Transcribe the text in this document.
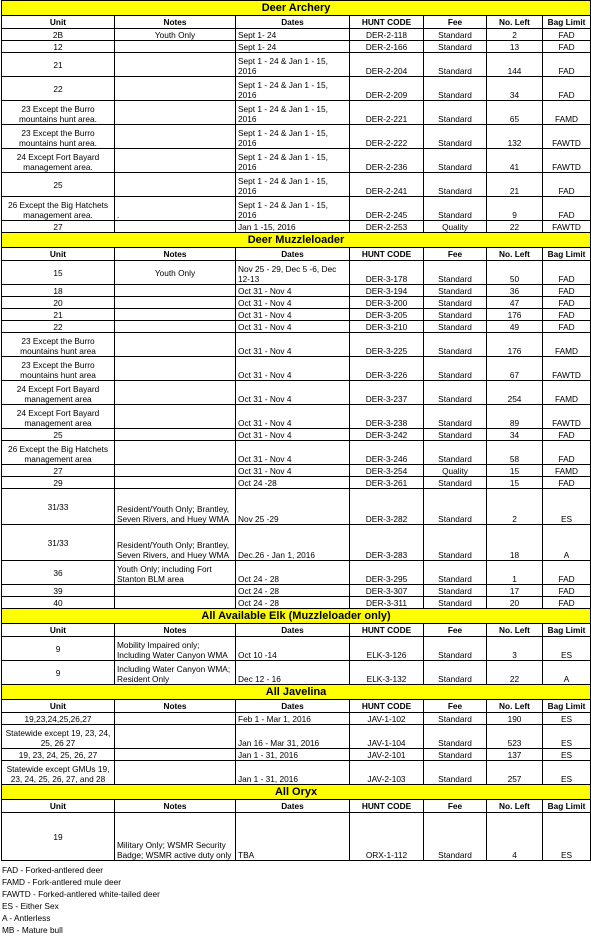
Deer Archery						
Unit	Notes	Dates	HUNT CODE	Fee	No. Left	Bag Limit
2B	Youth Only	Sept 1- 24	DER-2-118	Standard	2	FAD
12		Sept 1- 24	DER-2-166	Standard	13	FAD
21		Sept 1 - 24 & Jan 1 - 15, 2016	DER-2-204	Standard	144	FAD
22		Sept 1 - 24 & Jan 1 - 15, 2016	DER-2-209	Standard	34	FAD
23 Except the Burro mountains hunt area.		Sept 1 - 24 & Jan 1 - 15, 2016	DER-2-221	Standard	65	FAMD
23 Except the Burro mountains hunt area.		Sept 1 - 24 & Jan 1 - 15, 2016	DER-2-222	Standard	132	FAWTD
24 Except Fort Bayard management area.		Sept 1 - 24 & Jan 1 - 15, 2016	DER-2-236	Standard	41	FAWTD
25		Sept 1 - 24 & Jan 1 - 15, 2016	DER-2-241	Standard	21	FAD
26 Except the Big Hatchets management area.	.	Sept 1 - 24 & Jan 1 - 15, 2016	DER-2-245	Standard	9	FAD
27		Jan 1 -15, 2016	DER-2-253	Quality	22	FAWTD
Deer Muzzleloader						
Unit	Notes	Dates	HUNT CODE	Fee	No. Left	Bag Limit
15	Youth Only	Nov 25 - 29, Dec 5 -6, Dec 12-13	DER-3-178	Standard	50	FAD
18		Oct 31 - Nov 4	DER-3-194	Standard	36	FAD
20		Oct 31 - Nov 4	DER-3-200	Standard	47	FAD
21		Oct 31 - Nov 4	DER-3-205	Standard	176	FAD
22		Oct 31 - Nov 4	DER-3-210	Standard	49	FAD
23 Except the Burro mountains hunt area		Oct 31 - Nov 4	DER-3-225	Standard	176	FAMD
23 Except the Burro mountains hunt area		Oct 31 - Nov 4	DER-3-226	Standard	67	FAWTD
24 Except Fort Bayard management area		Oct 31 - Nov 4	DER-3-237	Standard	254	FAMD
24 Except Fort Bayard management area		Oct 31 - Nov 4	DER-3-238	Standard	89	FAWTD
25		Oct 31 - Nov 4	DER-3-242	Standard	34	FAD
26 Except the Big Hatchets management area		Oct 31 - Nov 4	DER-3-246	Standard	58	FAD
27		Oct 31 - Nov 4	DER-3-254	Quality	15	FAMD
29		Oct 24 -28	DER-3-261	Standard	15	FAD
31/33	Resident/Youth Only; Brantley, Seven Rivers, and Huey WMA	Nov 25 -29	DER-3-282	Standard	2	ES
31/33	Resident/Youth Only; Brantley, Seven Rivers, and Huey WMA	Dec.26 - Jan 1, 2016	DER-3-283	Standard	18	A
36	Youth Only; including Fort Stanton BLM area	Oct 24 - 28	DER-3-295	Standard	1	FAD
39		Oct 24 - 28	DER-3-307	Standard	17	FAD
40		Oct 24 - 28	DER-3-311	Standard	20	FAD
All Available Elk (Muzzleloader only)						
Unit	Notes	Dates	HUNT CODE	Fee	No. Left	Bag Limit
9	Mobility Impaired only; Including Water Canyon WMA	Oct 10 -14	ELK-3-126	Standard	3	ES
9	Including Water Canyon WMA; Resident Only	Dec 12 - 16	ELK-3-132	Standard	22	A
All Javelina						
Unit	Notes	Dates	HUNT CODE	Fee	No. Left	Bag Limit
19,23,24,25,26,27		Feb 1 - Mar 1, 2016	JAV-1-102	Standard	190	ES
Statewide except 19, 23, 24, 25, 26 27		Jan 16 - Mar 31, 2016	JAV-1-104	Standard	523	ES
19, 23, 24, 25, 26, 27		Jan 1 - 31, 2016	JAV-2-101	Standard	137	ES
Statewide except GMUs 19, 23, 24, 25, 26, 27, and 28		Jan 1 - 31, 2016	JAV-2-103	Standard	257	ES
All Oryx						
Unit	Notes	Dates	HUNT CODE	Fee	No. Left	Bag Limit
19	Military Only; WSMR Security Badge; WSMR active duty only	TBA	ORX-1-112	Standard	4	ES
FAD - Forked-antlered deer
FAMD - Fork-antlered mule deer
FAWTD - Forked-antlered white-tailed deer
ES - Either Sex
A - Antlerless
MB - Mature bull
